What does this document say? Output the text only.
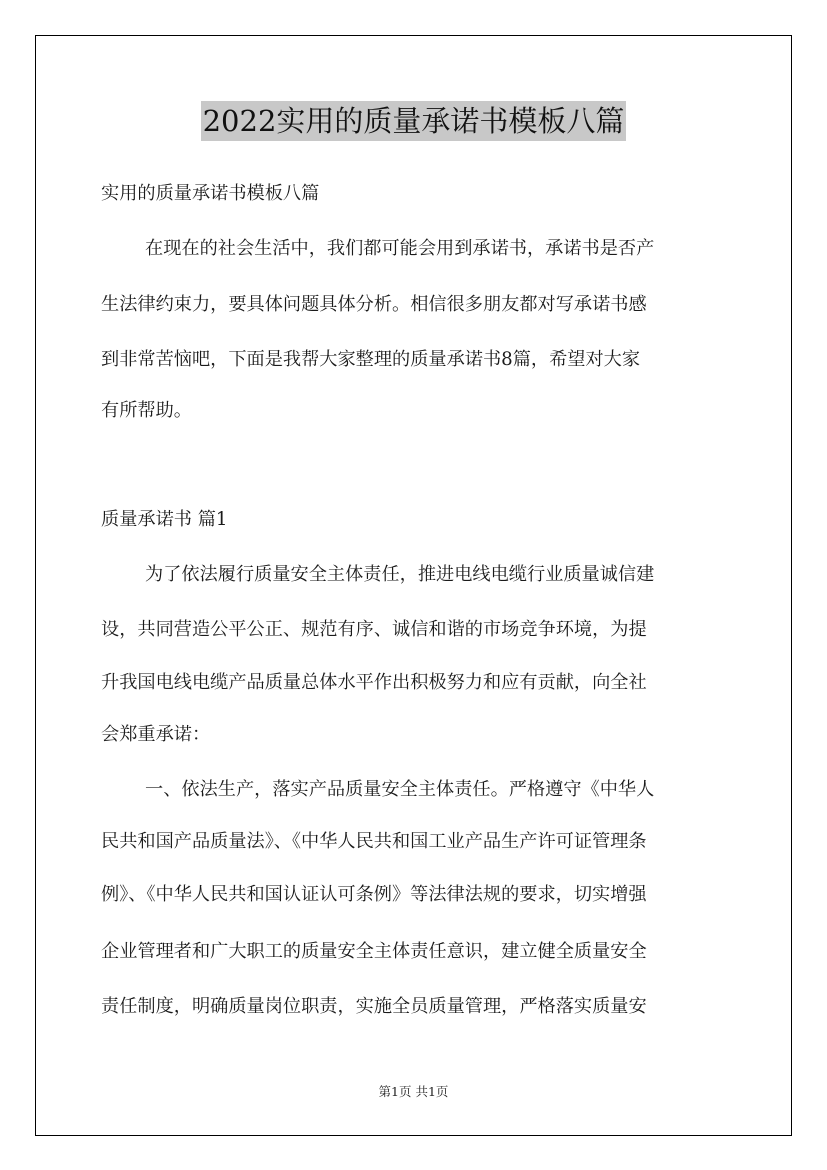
2022实用的质量承诺书模板八篇
实用的质量承诺书模板八篇
在现在的社会生活中，我们都可能会用到承诺书，承诺书是否产
生法律约束力，要具体问题具体分析。相信很多朋友都对写承诺书感
到非常苦恼吧，下面是我帮大家整理的质量承诺书8篇，希望对大家
有所帮助。
质量承诺书 篇1
为了依法履行质量安全主体责任，推进电线电缆行业质量诚信建
设，共同营造公平公正、规范有序、诚信和谐的市场竞争环境，为提
升我国电线电缆产品质量总体水平作出积极努力和应有贡献，向全社
会郑重承诺：
一、依法生产，落实产品质量安全主体责任。严格遵守《中华人
民共和国产品质量法》、《中华人民共和国工业产品生产许可证管理条
例》、《中华人民共和国认证认可条例》等法律法规的要求，切实增强
企业管理者和广大职工的质量安全主体责任意识，建立健全质量安全
责任制度，明确质量岗位职责，实施全员质量管理，严格落实质量安
第1页 共1页
